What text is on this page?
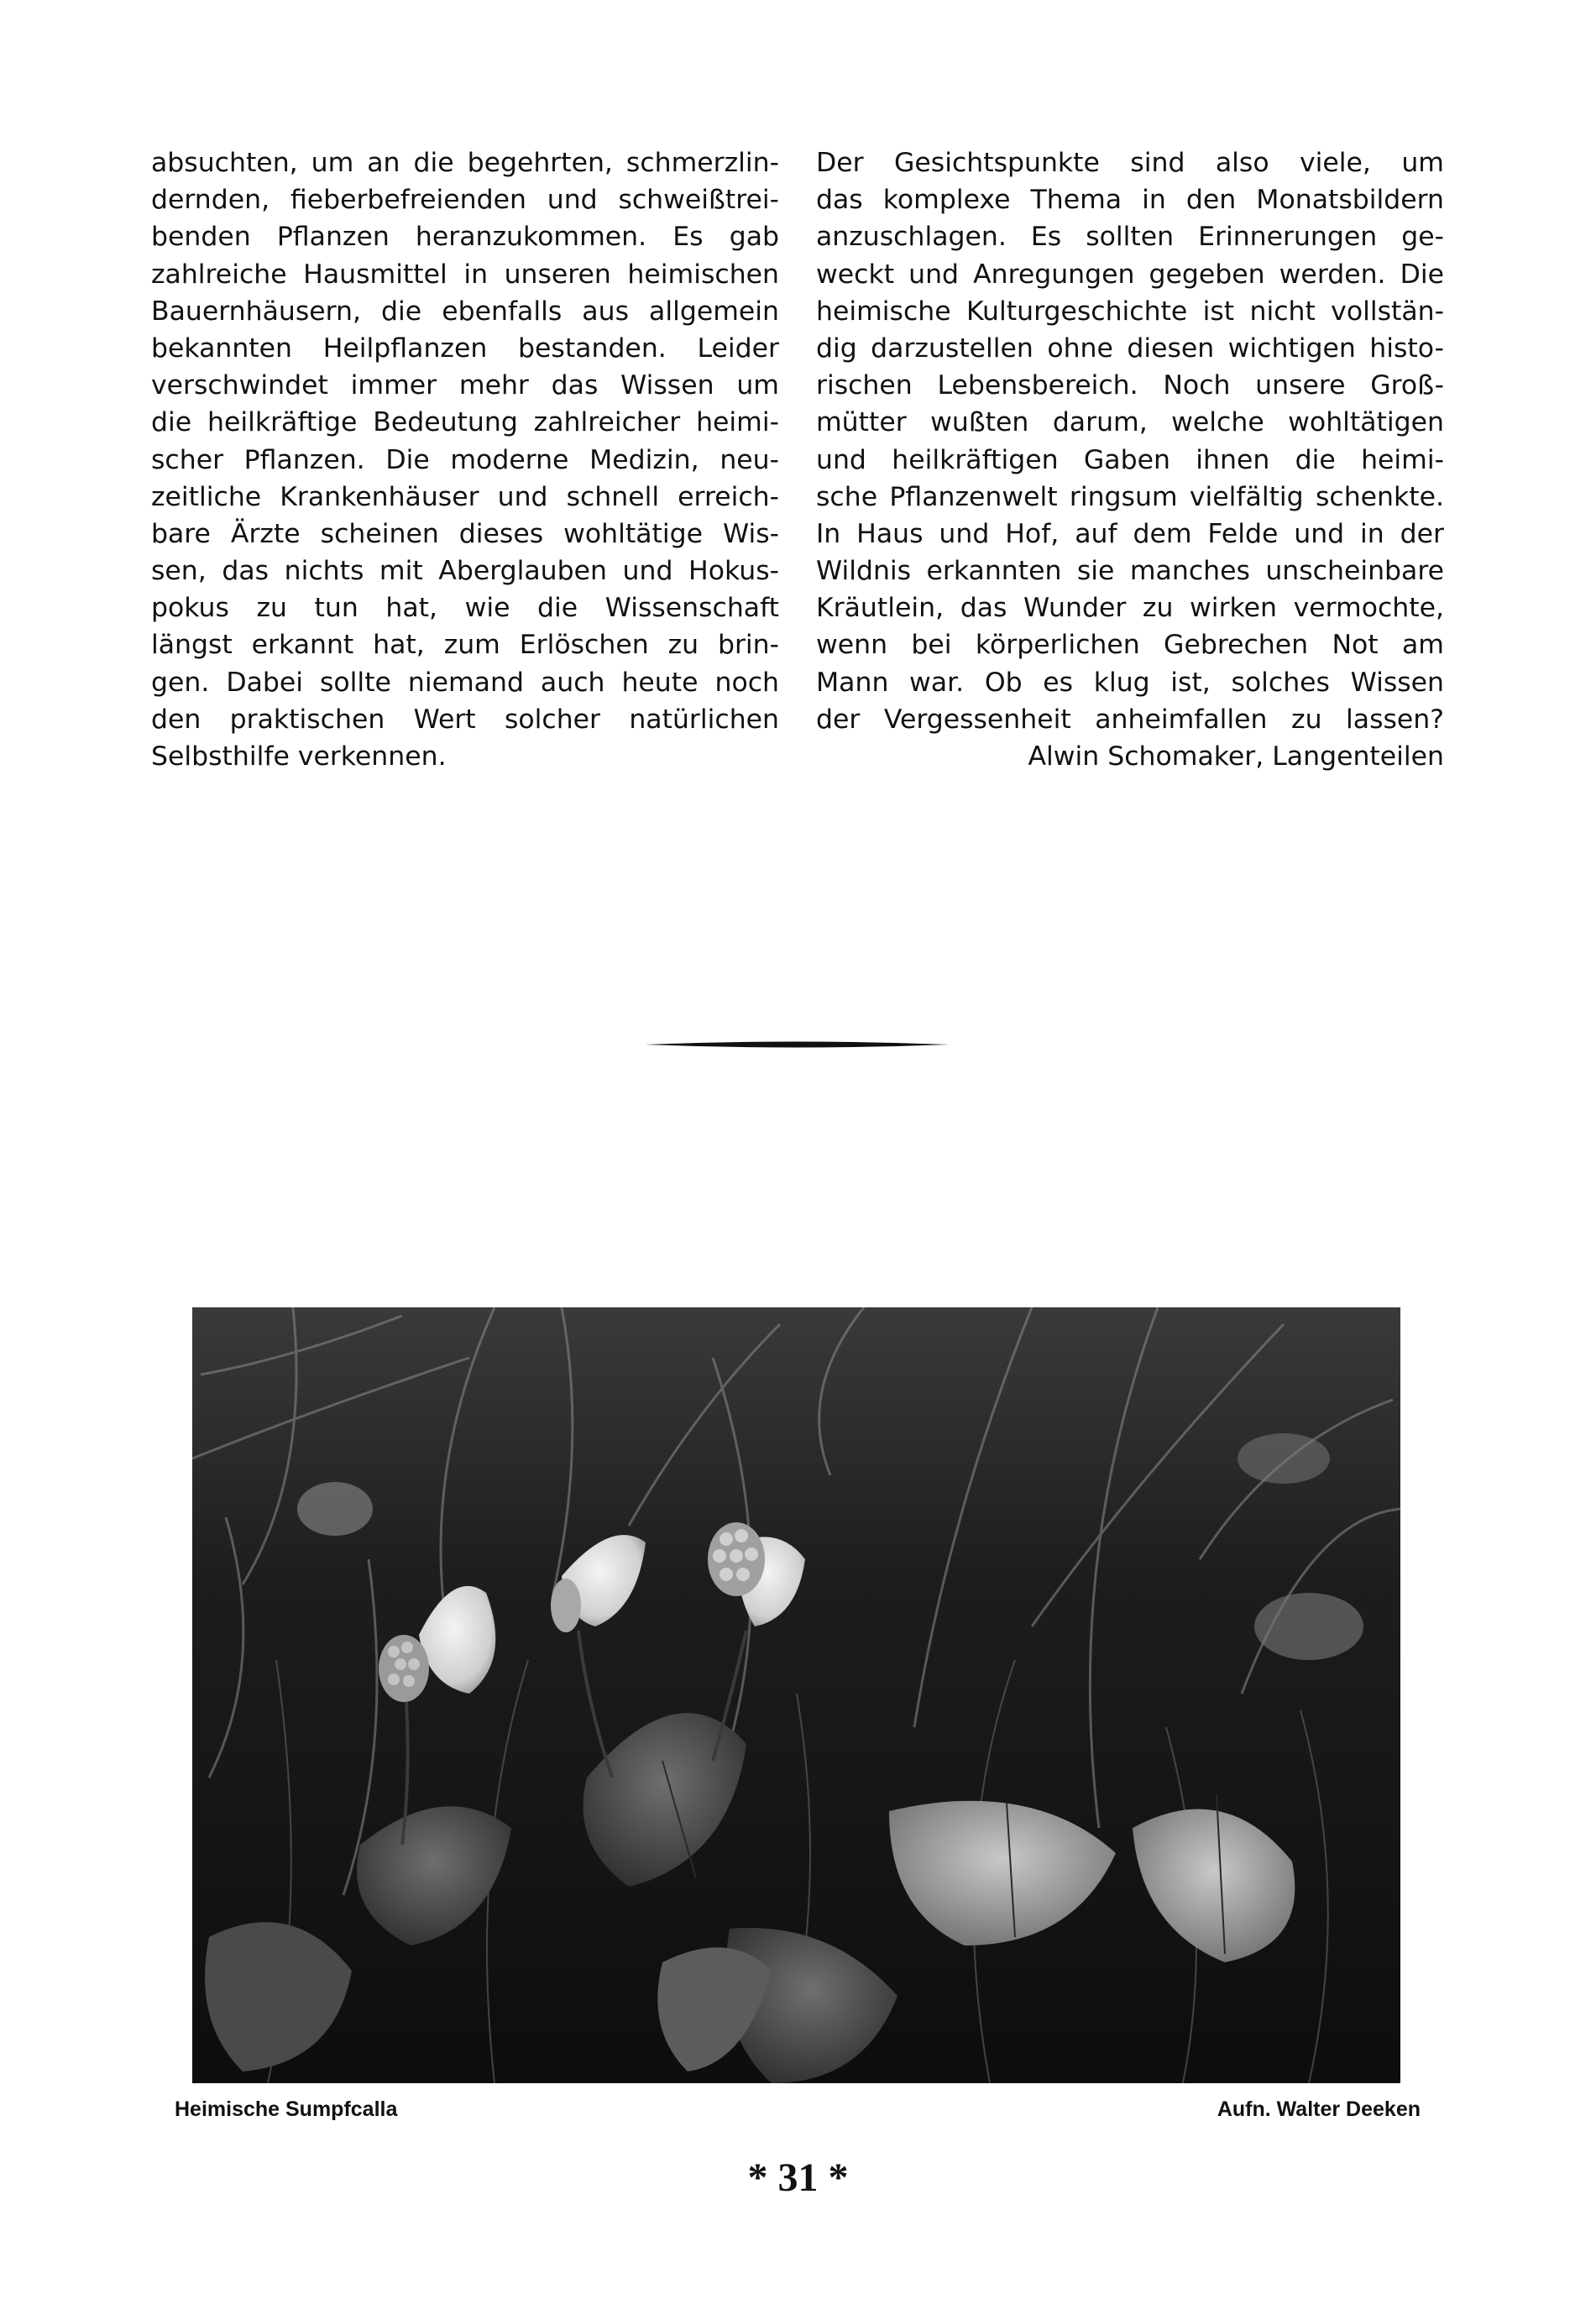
absuchten, um an die begehrten, schmerzlin-
dernden, fieberbefreienden und schweißtrei-
benden Pflanzen heranzukommen. Es gab
zahlreiche Hausmittel in unseren heimischen
Bauernhäusern, die ebenfalls aus allgemein
bekannten Heilpflanzen bestanden. Leider
verschwindet immer mehr das Wissen um
die heilkräftige Bedeutung zahlreicher heimi-
scher Pflanzen. Die moderne Medizin, neu-
zeitliche Krankenhäuser und schnell erreich-
bare Ärzte scheinen dieses wohltätige Wis-
sen, das nichts mit Aberglauben und Hokus-
pokus zu tun hat, wie die Wissenschaft
längst erkannt hat, zum Erlöschen zu brin-
gen. Dabei sollte niemand auch heute noch
den praktischen Wert solcher natürlichen
Selbsthilfe verkennen.
Der Gesichtspunkte sind also viele, um
das komplexe Thema in den Monatsbildern
anzuschlagen. Es sollten Erinnerungen ge-
weckt und Anregungen gegeben werden. Die
heimische Kulturgeschichte ist nicht vollstän-
dig darzustellen ohne diesen wichtigen histo-
rischen Lebensbereich. Noch unsere Groß-
mütter wußten darum, welche wohltätigen
und heilkräftigen Gaben ihnen die heimi-
sche Pflanzenwelt ringsum vielfältig schenkte.
In Haus und Hof, auf dem Felde und in der
Wildnis erkannten sie manches unscheinbare
Kräutlein, das Wunder zu wirken vermochte,
wenn bei körperlichen Gebrechen Not am
Mann war. Ob es klug ist, solches Wissen
der Vergessenheit anheimfallen zu lassen?
Alwin Schomaker, Langenteilen
Heimische Sumpfcalla	Aufn. Walter Deeken
* 31 *
